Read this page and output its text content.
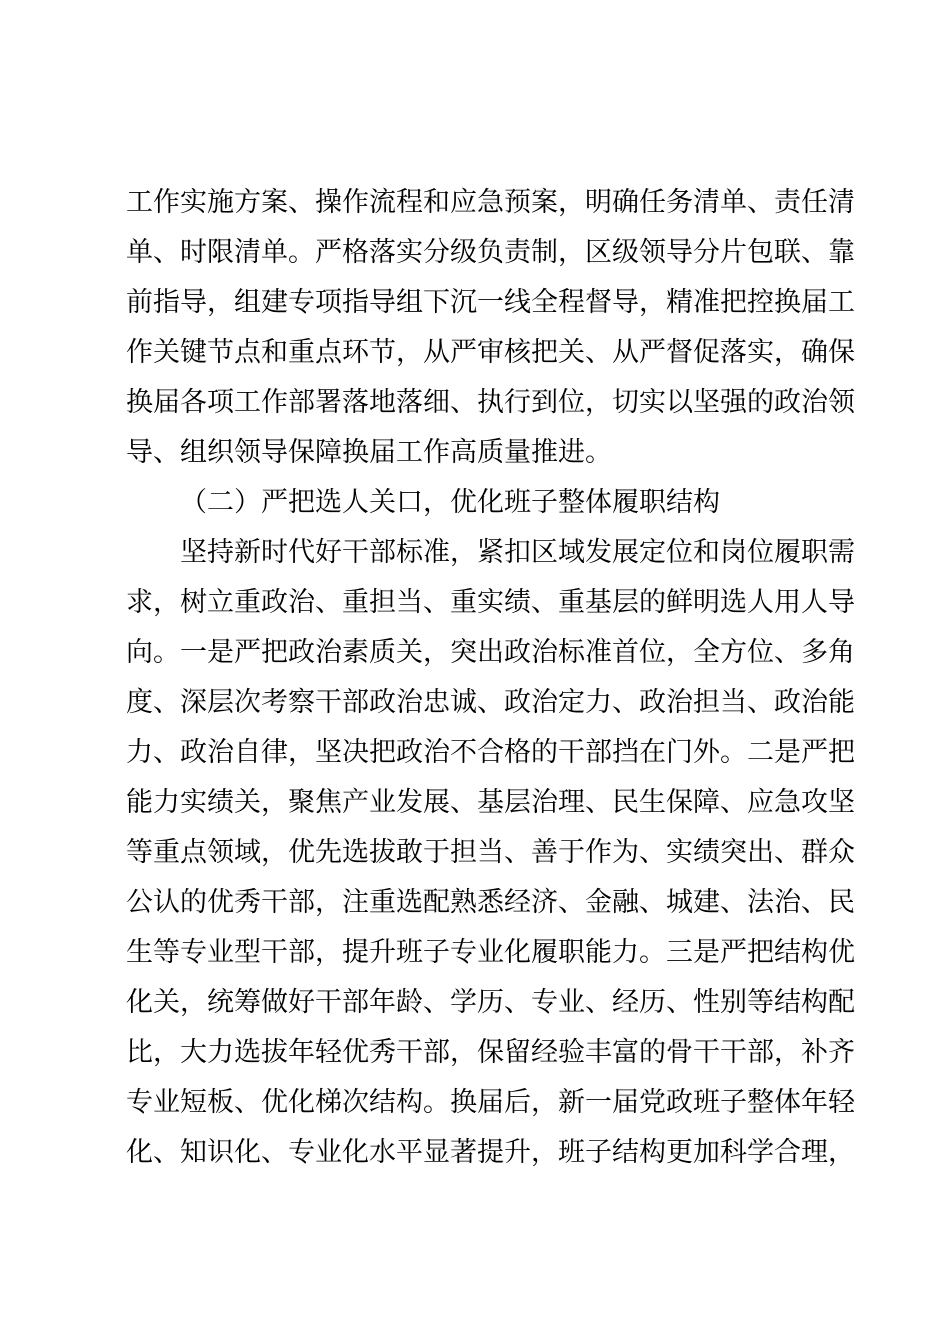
工作实施方案、操作流程和应急预案，明确任务清单、责任清
单、时限清单。严格落实分级负责制，区级领导分片包联、靠
前指导，组建专项指导组下沉一线全程督导，精准把控换届工
作关键节点和重点环节，从严审核把关、从严督促落实，确保
换届各项工作部署落地落细、执行到位，切实以坚强的政治领
导、组织领导保障换届工作高质量推进。
（二）严把选人关口，优化班子整体履职结构
坚持新时代好干部标准，紧扣区域发展定位和岗位履职需
求，树立重政治、重担当、重实绩、重基层的鲜明选人用人导
向。一是严把政治素质关，突出政治标准首位，全方位、多角
度、深层次考察干部政治忠诚、政治定力、政治担当、政治能
力、政治自律，坚决把政治不合格的干部挡在门外。二是严把
能力实绩关，聚焦产业发展、基层治理、民生保障、应急攻坚
等重点领域，优先选拔敢于担当、善于作为、实绩突出、群众
公认的优秀干部，注重选配熟悉经济、金融、城建、法治、民
生等专业型干部，提升班子专业化履职能力。三是严把结构优
化关，统筹做好干部年龄、学历、专业、经历、性别等结构配
比，大力选拔年轻优秀干部，保留经验丰富的骨干干部，补齐
专业短板、优化梯次结构。换届后，新一届党政班子整体年轻
化、知识化、专业化水平显著提升，班子结构更加科学合理，
